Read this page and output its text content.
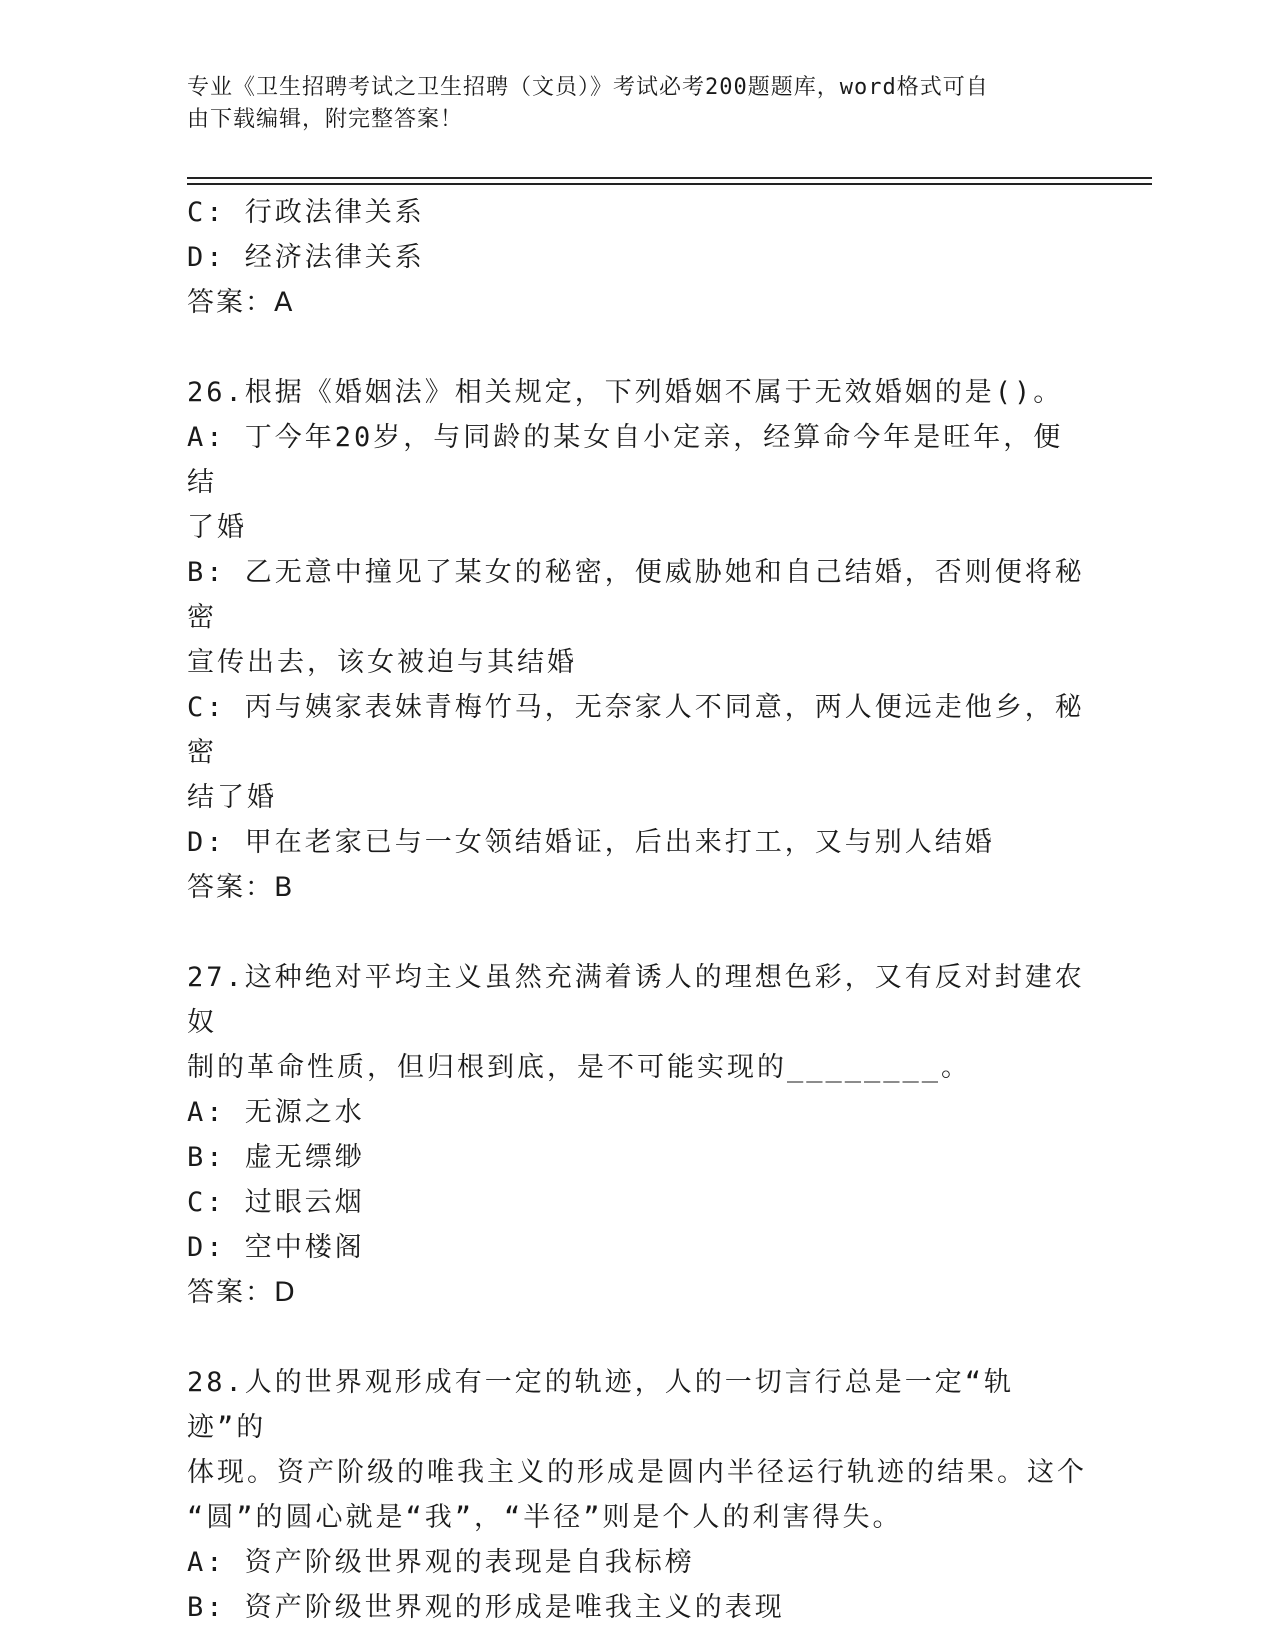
专业《卫生招聘考试之卫生招聘（文员）》考试必考200题题库，word格式可自
由下载编辑，附完整答案！
C: 行政法律关系
D: 经济法律关系
答案：A
26.根据《婚姻法》相关规定，下列婚姻不属于无效婚姻的是()。
A: 丁今年20岁，与同龄的某女自小定亲，经算命今年是旺年，便结
了婚
B: 乙无意中撞见了某女的秘密，便威胁她和自己结婚，否则便将秘密
宣传出去，该女被迫与其结婚
C: 丙与姨家表妹青梅竹马，无奈家人不同意，两人便远走他乡，秘密
结了婚
D: 甲在老家已与一女领结婚证，后出来打工，又与别人结婚
答案：B
27.这种绝对平均主义虽然充满着诱人的理想色彩，又有反对封建农奴
制的革命性质，但归根到底，是不可能实现的________。
A: 无源之水
B: 虚无缥缈
C: 过眼云烟
D: 空中楼阁
答案：D
28.人的世界观形成有一定的轨迹，人的一切言行总是一定“轨迹”的
体现。资产阶级的唯我主义的形成是圆内半径运行轨迹的结果。这个
“圆”的圆心就是“我”，“半径”则是个人的利害得失。
A: 资产阶级世界观的表现是自我标榜
B: 资产阶级世界观的形成是唯我主义的表现
